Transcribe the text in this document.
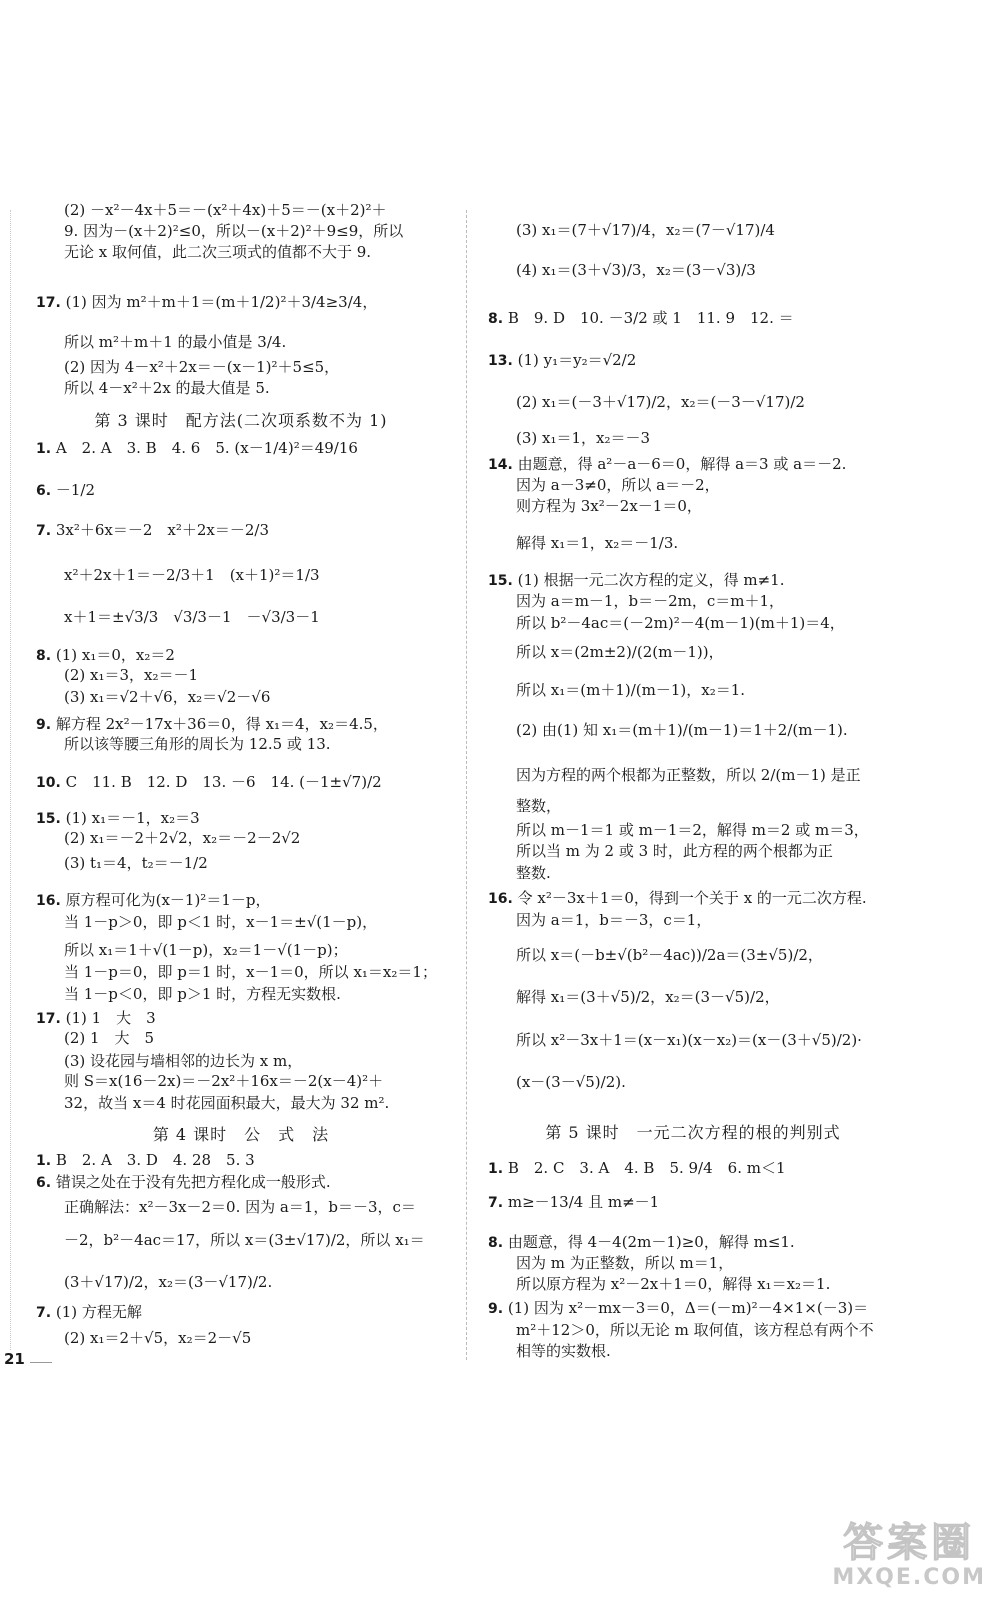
(2) －x²－4x＋5＝－(x²＋4x)＋5＝－(x＋2)²＋
9. 因为－(x＋2)²≤0，所以－(x＋2)²＋9≤9，所以
无论 x 取何值，此二次三项式的值都不大于 9.
17. (1) 因为 m²＋m＋1＝(m＋1/2)²＋3/4≥3/4，
所以 m²＋m＋1 的最小值是 3/4.
(2) 因为 4－x²＋2x＝－(x－1)²＋5≤5，
所以 4－x²＋2x 的最大值是 5.
第 3 课时　配方法(二次项系数不为 1)
1. A　2. A　3. B　4. 6　5. (x－1/4)²＝49/16
6. －1/2
7. 3x²＋6x＝－2　x²＋2x＝－2/3
x²＋2x＋1＝－2/3＋1　(x＋1)²＝1/3
x＋1＝±√3/3　√3/3－1　－√3/3－1
8. (1) x₁＝0，x₂＝2
(2) x₁＝3，x₂＝－1
(3) x₁＝√2＋√6，x₂＝√2－√6
9. 解方程 2x²－17x＋36＝0，得 x₁＝4，x₂＝4.5，
所以该等腰三角形的周长为 12.5 或 13.
10. C　11. B　12. D　13. －6　14. (－1±√7)/2
15. (1) x₁＝－1，x₂＝3
(2) x₁＝－2＋2√2，x₂＝－2－2√2
(3) t₁＝4，t₂＝－1/2
16. 原方程可化为(x－1)²＝1－p，
当 1－p＞0，即 p＜1 时，x－1＝±√(1－p)，
所以 x₁＝1＋√(1－p)，x₂＝1－√(1－p)；
当 1－p＝0，即 p＝1 时，x－1＝0，所以 x₁＝x₂＝1；
当 1－p＜0，即 p＞1 时，方程无实数根.
17. (1) 1　大　3
(2) 1　大　5
(3) 设花园与墙相邻的边长为 x m，
则 S＝x(16－2x)＝－2x²＋16x＝－2(x－4)²＋
32，故当 x＝4 时花园面积最大，最大为 32 m².
第 4 课时　公　式　法
1. B　2. A　3. D　4. 28　5. 3
6. 错误之处在于没有先把方程化成一般形式.
正确解法：x²－3x－2＝0. 因为 a＝1，b＝－3，c＝
－2，b²－4ac＝17，所以 x＝(3±√17)/2，所以 x₁＝
(3＋√17)/2，x₂＝(3－√17)/2.
7. (1) 方程无解
(2) x₁＝2＋√5，x₂＝2－√5
(3) x₁＝(7＋√17)/4，x₂＝(7－√17)/4
(4) x₁＝(3＋√3)/3，x₂＝(3－√3)/3
8. B　9. D　10. －3/2 或 1　11. 9　12. ＝
13. (1) y₁＝y₂＝√2/2
(2) x₁＝(－3＋√17)/2，x₂＝(－3－√17)/2
(3) x₁＝1，x₂＝－3
14. 由题意，得 a²－a－6＝0，解得 a＝3 或 a＝－2.
因为 a－3≠0，所以 a＝－2，
则方程为 3x²－2x－1＝0，
解得 x₁＝1，x₂＝－1/3.
15. (1) 根据一元二次方程的定义，得 m≠1.
因为 a＝m－1，b＝－2m，c＝m＋1，
所以 b²－4ac＝(－2m)²－4(m－1)(m＋1)＝4，
所以 x＝(2m±2)/(2(m－1))，
所以 x₁＝(m＋1)/(m－1)，x₂＝1.
(2) 由(1) 知 x₁＝(m＋1)/(m－1)＝1＋2/(m－1).
因为方程的两个根都为正整数，所以 2/(m－1) 是正
整数，
所以 m－1＝1 或 m－1＝2，解得 m＝2 或 m＝3，
所以当 m 为 2 或 3 时，此方程的两个根都为正
整数.
16. 令 x²－3x＋1＝0，得到一个关于 x 的一元二次方程.
因为 a＝1，b＝－3，c＝1，
所以 x＝(－b±√(b²－4ac))/2a＝(3±√5)/2，
解得 x₁＝(3＋√5)/2，x₂＝(3－√5)/2，
所以 x²－3x＋1＝(x－x₁)(x－x₂)＝(x－(3＋√5)/2)·
(x－(3－√5)/2).
第 5 课时　一元二次方程的根的判别式
1. B　2. C　3. A　4. B　5. 9/4　6. m＜1
7. m≥－13/4 且 m≠－1
8. 由题意，得 4－4(2m－1)≥0，解得 m≤1.
因为 m 为正整数，所以 m＝1，
所以原方程为 x²－2x＋1＝0，解得 x₁＝x₂＝1.
9. (1) 因为 x²－mx－3＝0，Δ＝(－m)²－4×1×(－3)＝
m²＋12＞0，所以无论 m 取何值，该方程总有两个不
相等的实数根.
21
答案圈
MXQE.COM
